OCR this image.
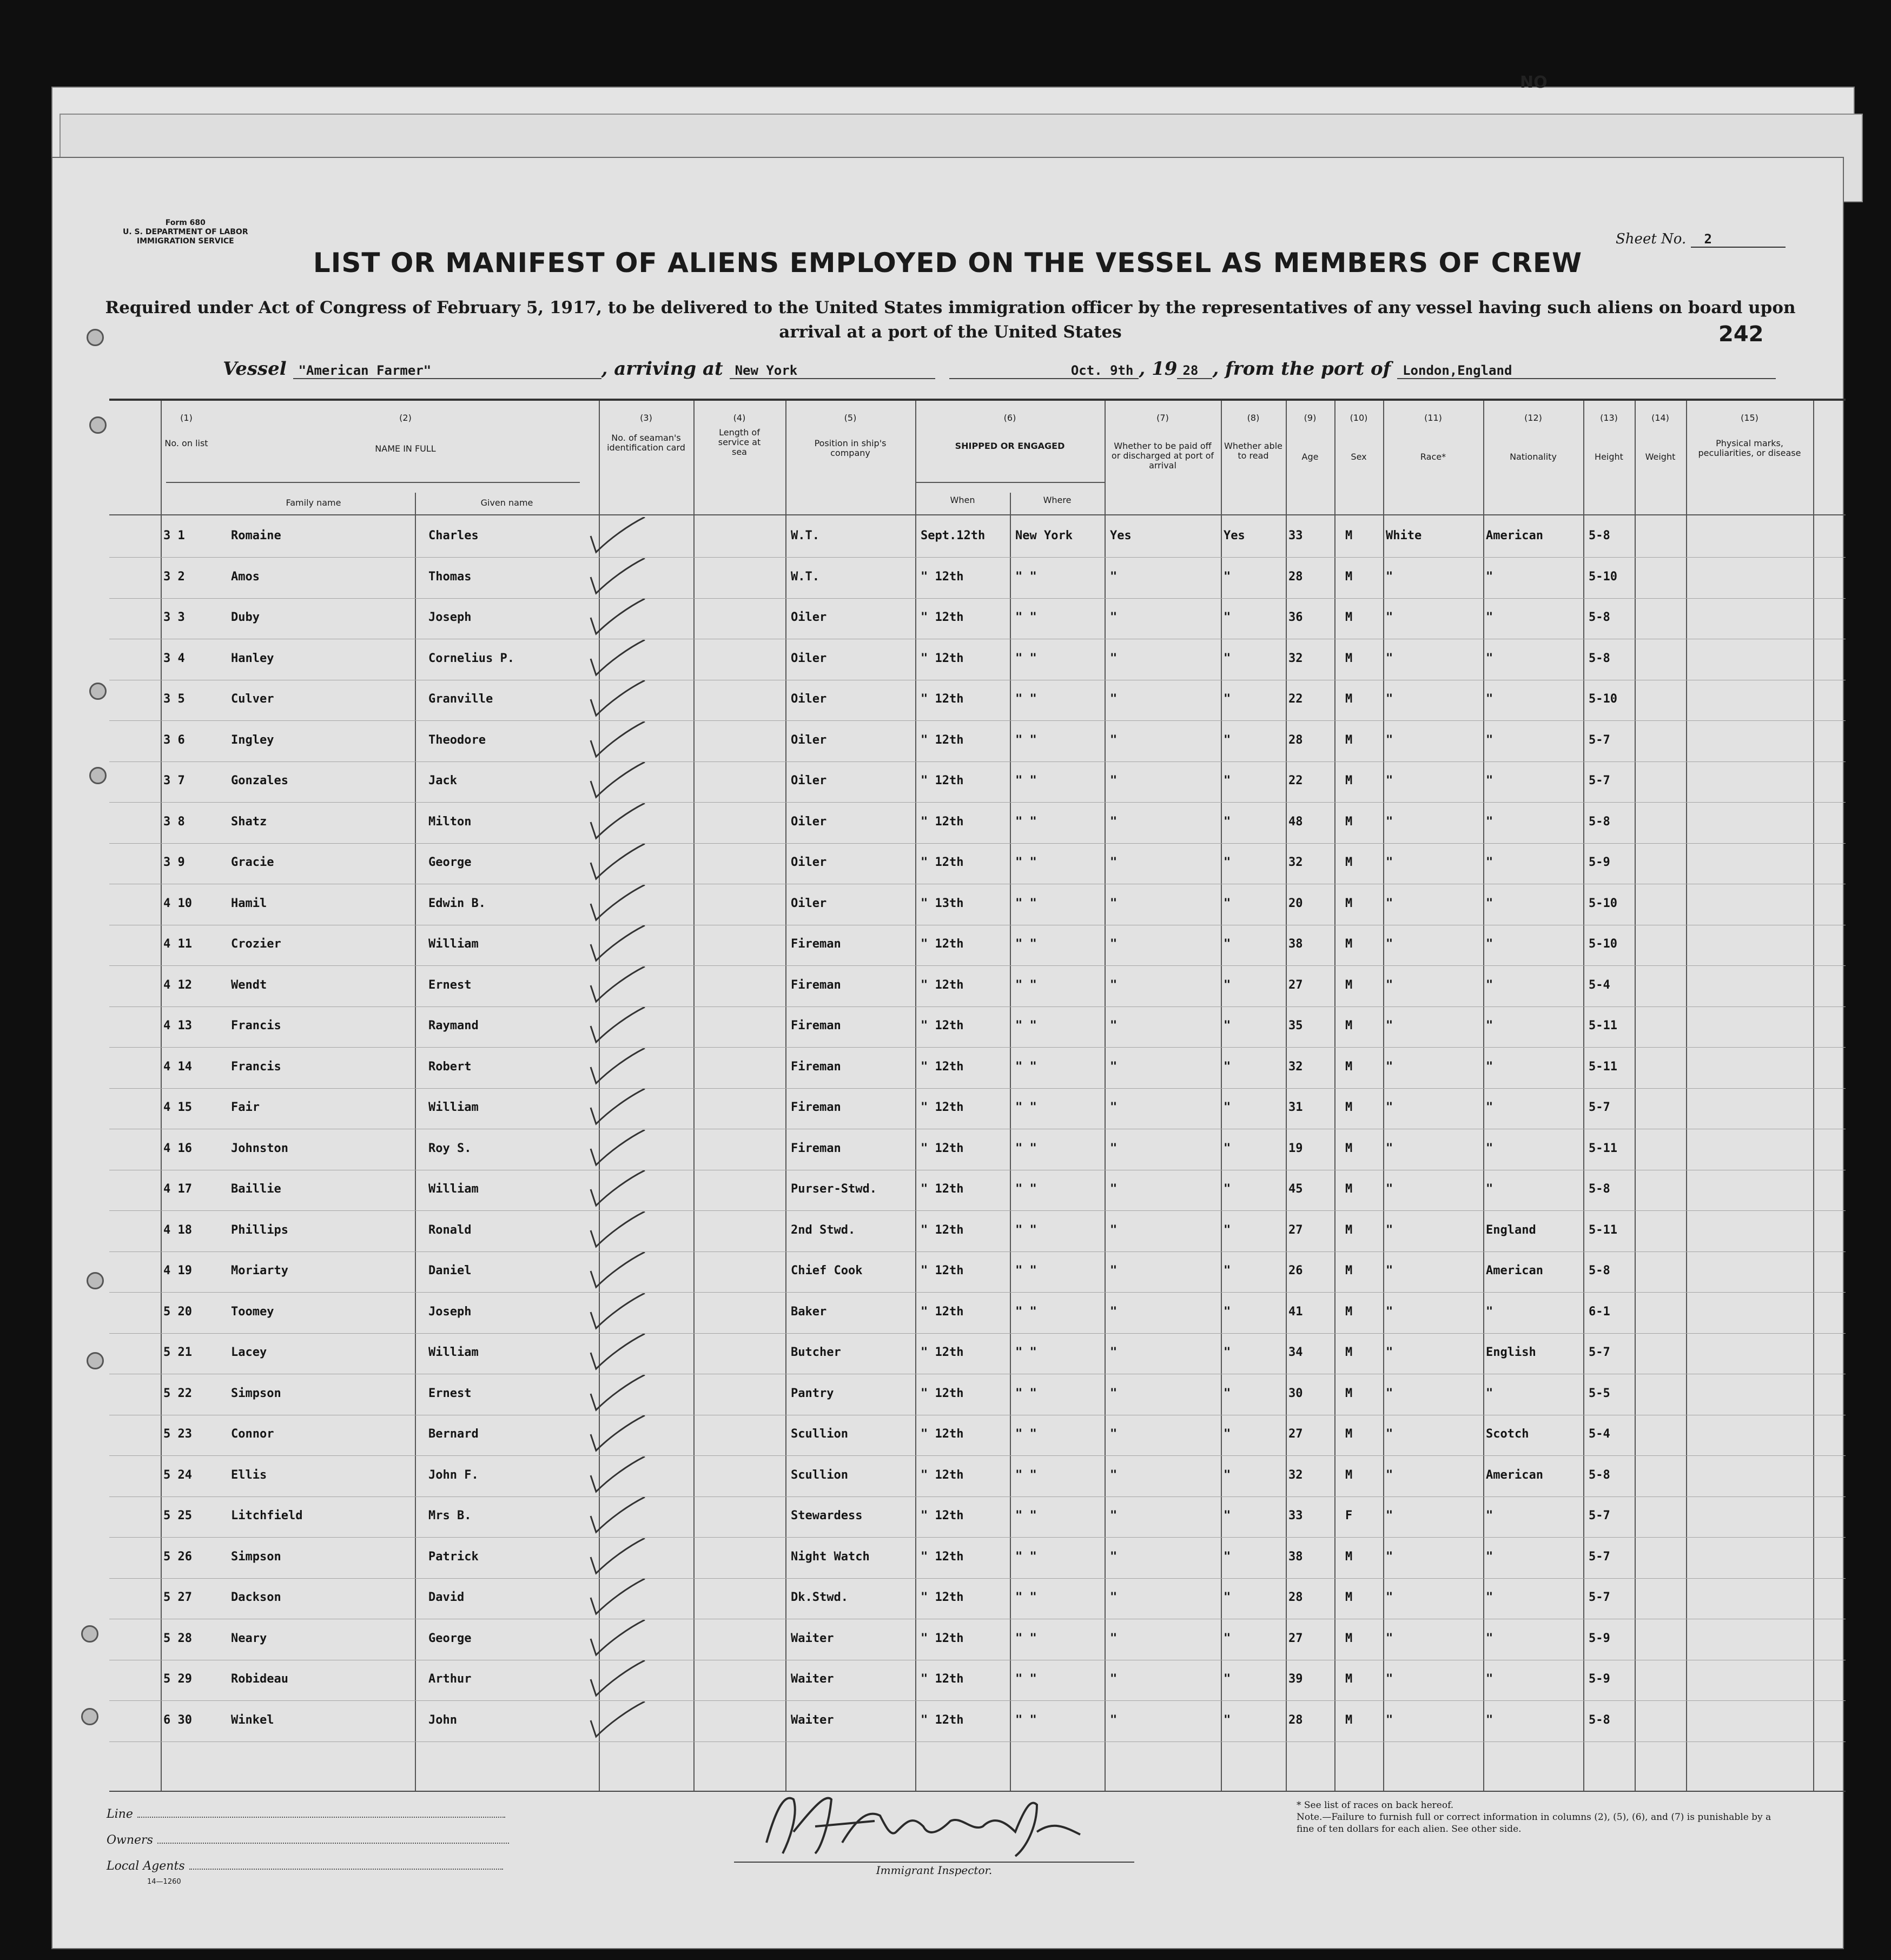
NO
Form 680
U. S. DEPARTMENT OF LABOR
IMMIGRATION SERVICE	Sheet No. 2
LIST OR MANIFEST OF ALIENS EMPLOYED ON THE VESSEL AS MEMBERS OF CREW
Required under Act of Congress of February 5, 1917, to be delivered to the United States immigration officer by the representatives of any vessel having such aliens on board upon arrival at a port of the United States	242
Vessel "American Farmer"	, arriving at New York	Oct. 9th , 19 28 , from the port of London,England
(1)
No. on list
(2)
NAME IN FULL
Family name	Given name
(3)
No. of seaman's identification card
(4)
Length of service at sea
(5)
Position in ship's company
(6)
SHIPPED OR ENGAGED
When	Where
(7)
Whether to be paid off or discharged at port of arrival
(8)
Whether able to read
(9)
Age
(10)
Sex
(11)
Race*
(12)
Nationality
(13)
Height
(14)
Weight
(15)
Physical marks, peculiarities, or disease
3 1	Romaine	Charles	W.T.	Sept.12th	New York	Yes	Yes	33	M	White	American	5-8
3 2	Amos	Thomas	W.T.	" 12th	" "	"	"	28	M	"	"	5-10
3 3	Duby	Joseph	Oiler	" 12th	" "	"	"	36	M	"	"	5-8
3 4	Hanley	Cornelius P.	Oiler	" 12th	" "	"	"	32	M	"	"	5-8
3 5	Culver	Granville	Oiler	" 12th	" "	"	"	22	M	"	"	5-10
3 6	Ingley	Theodore	Oiler	" 12th	" "	"	"	28	M	"	"	5-7
3 7	Gonzales	Jack	Oiler	" 12th	" "	"	"	22	M	"	"	5-7
3 8	Shatz	Milton	Oiler	" 12th	" "	"	"	48	M	"	"	5-8
3 9	Gracie	George	Oiler	" 12th	" "	"	"	32	M	"	"	5-9
4 10	Hamil	Edwin B.	Oiler	" 13th	" "	"	"	20	M	"	"	5-10
4 11	Crozier	William	Fireman	" 12th	" "	"	"	38	M	"	"	5-10
4 12	Wendt	Ernest	Fireman	" 12th	" "	"	"	27	M	"	"	5-4
4 13	Francis	Raymand	Fireman	" 12th	" "	"	"	35	M	"	"	5-11
4 14	Francis	Robert	Fireman	" 12th	" "	"	"	32	M	"	"	5-11
4 15	Fair	William	Fireman	" 12th	" "	"	"	31	M	"	"	5-7
4 16	Johnston	Roy S.	Fireman	" 12th	" "	"	"	19	M	"	"	5-11
4 17	Baillie	William	Purser-Stwd.	" 12th	" "	"	"	45	M	"	"	5-8
4 18	Phillips	Ronald	2nd Stwd.	" 12th	" "	"	"	27	M	"	England	5-11
4 19	Moriarty	Daniel	Chief Cook	" 12th	" "	"	"	26	M	"	American	5-8
5 20	Toomey	Joseph	Baker	" 12th	" "	"	"	41	M	"	"	6-1
5 21	Lacey	William	Butcher	" 12th	" "	"	"	34	M	"	English	5-7
5 22	Simpson	Ernest	Pantry	" 12th	" "	"	"	30	M	"	"	5-5
5 23	Connor	Bernard	Scullion	" 12th	" "	"	"	27	M	"	Scotch	5-4
5 24	Ellis	John F.	Scullion	" 12th	" "	"	"	32	M	"	American	5-8
5 25	Litchfield	Mrs B.	Stewardess	" 12th	" "	"	"	33	F	"	"	5-7
5 26	Simpson	Patrick	Night Watch	" 12th	" "	"	"	38	M	"	"	5-7
5 27	Dackson	David	Dk.Stwd.	" 12th	" "	"	"	28	M	"	"	5-7
5 28	Neary	George	Waiter	" 12th	" "	"	"	27	M	"	"	5-9
5 29	Robideau	Arthur	Waiter	" 12th	" "	"	"	39	M	"	"	5-9
6 30	Winkel	John	Waiter	" 12th	" "	"	"	28	M	"	"	5-8
Line
Owners
Local Agents
14—1260
Immigrant Inspector.
* See list of races on back hereof.
Note.—Failure to furnish full or correct information in columns (2), (5), (6), and (7) is punishable by a fine of ten dollars for each alien. See other side.
